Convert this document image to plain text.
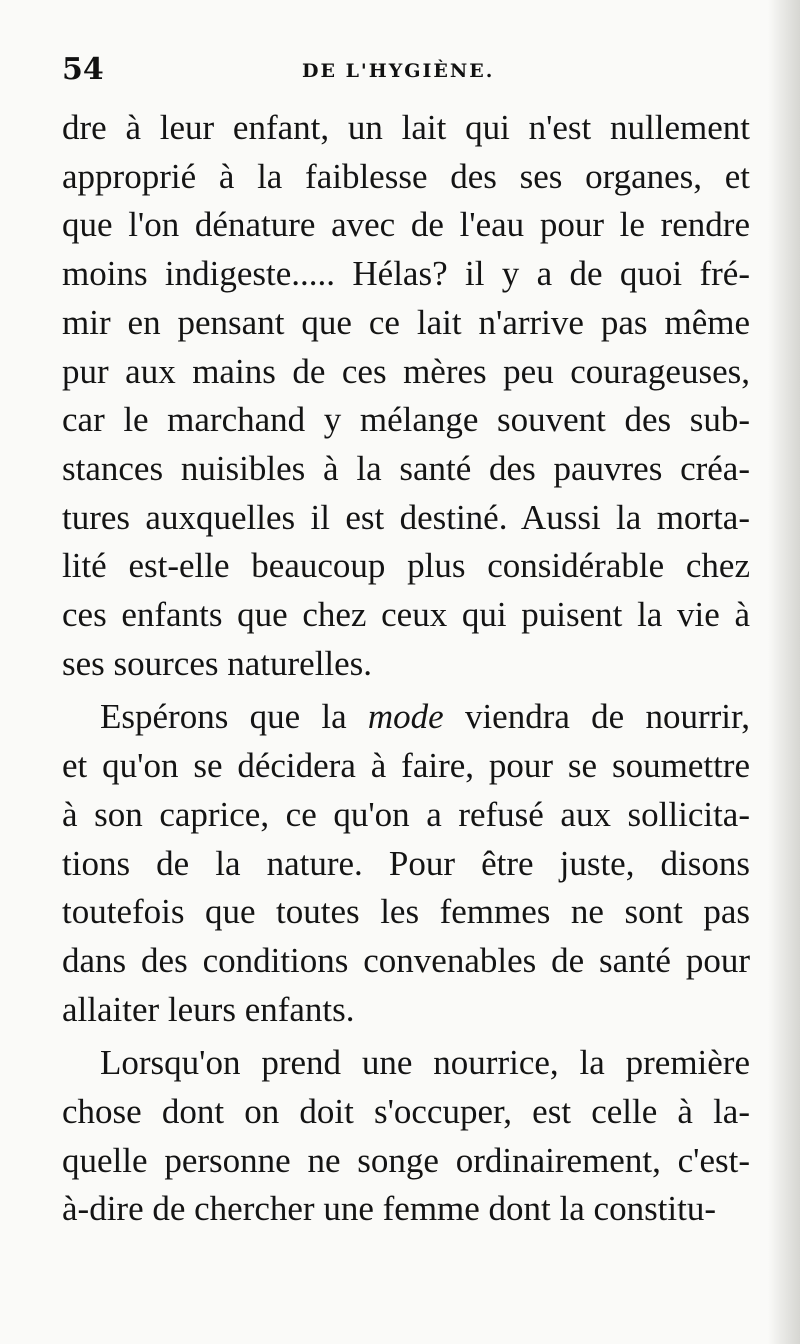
54	DE L'HYGIÈNE.
dre à leur enfant, un lait qui n'est nullement
approprié à la faiblesse des ses organes, et
que l'on dénature avec de l'eau pour le rendre
moins indigeste..... Hélas? il y a de quoi fré-
mir en pensant que ce lait n'arrive pas même
pur aux mains de ces mères peu courageuses,
car le marchand y mélange souvent des sub-
stances nuisibles à la santé des pauvres créa-
tures auxquelles il est destiné. Aussi la morta-
lité est-elle beaucoup plus considérable chez
ces enfants que chez ceux qui puisent la vie à
ses sources naturelles.
Espérons que la mode viendra de nourrir,
et qu'on se décidera à faire, pour se soumettre
à son caprice, ce qu'on a refusé aux sollicita-
tions de la nature. Pour être juste, disons
toutefois que toutes les femmes ne sont pas
dans des conditions convenables de santé pour
allaiter leurs enfants.
Lorsqu'on prend une nourrice, la première
chose dont on doit s'occuper, est celle à la-
quelle personne ne songe ordinairement, c'est-
à-dire de chercher une femme dont la constitu-
